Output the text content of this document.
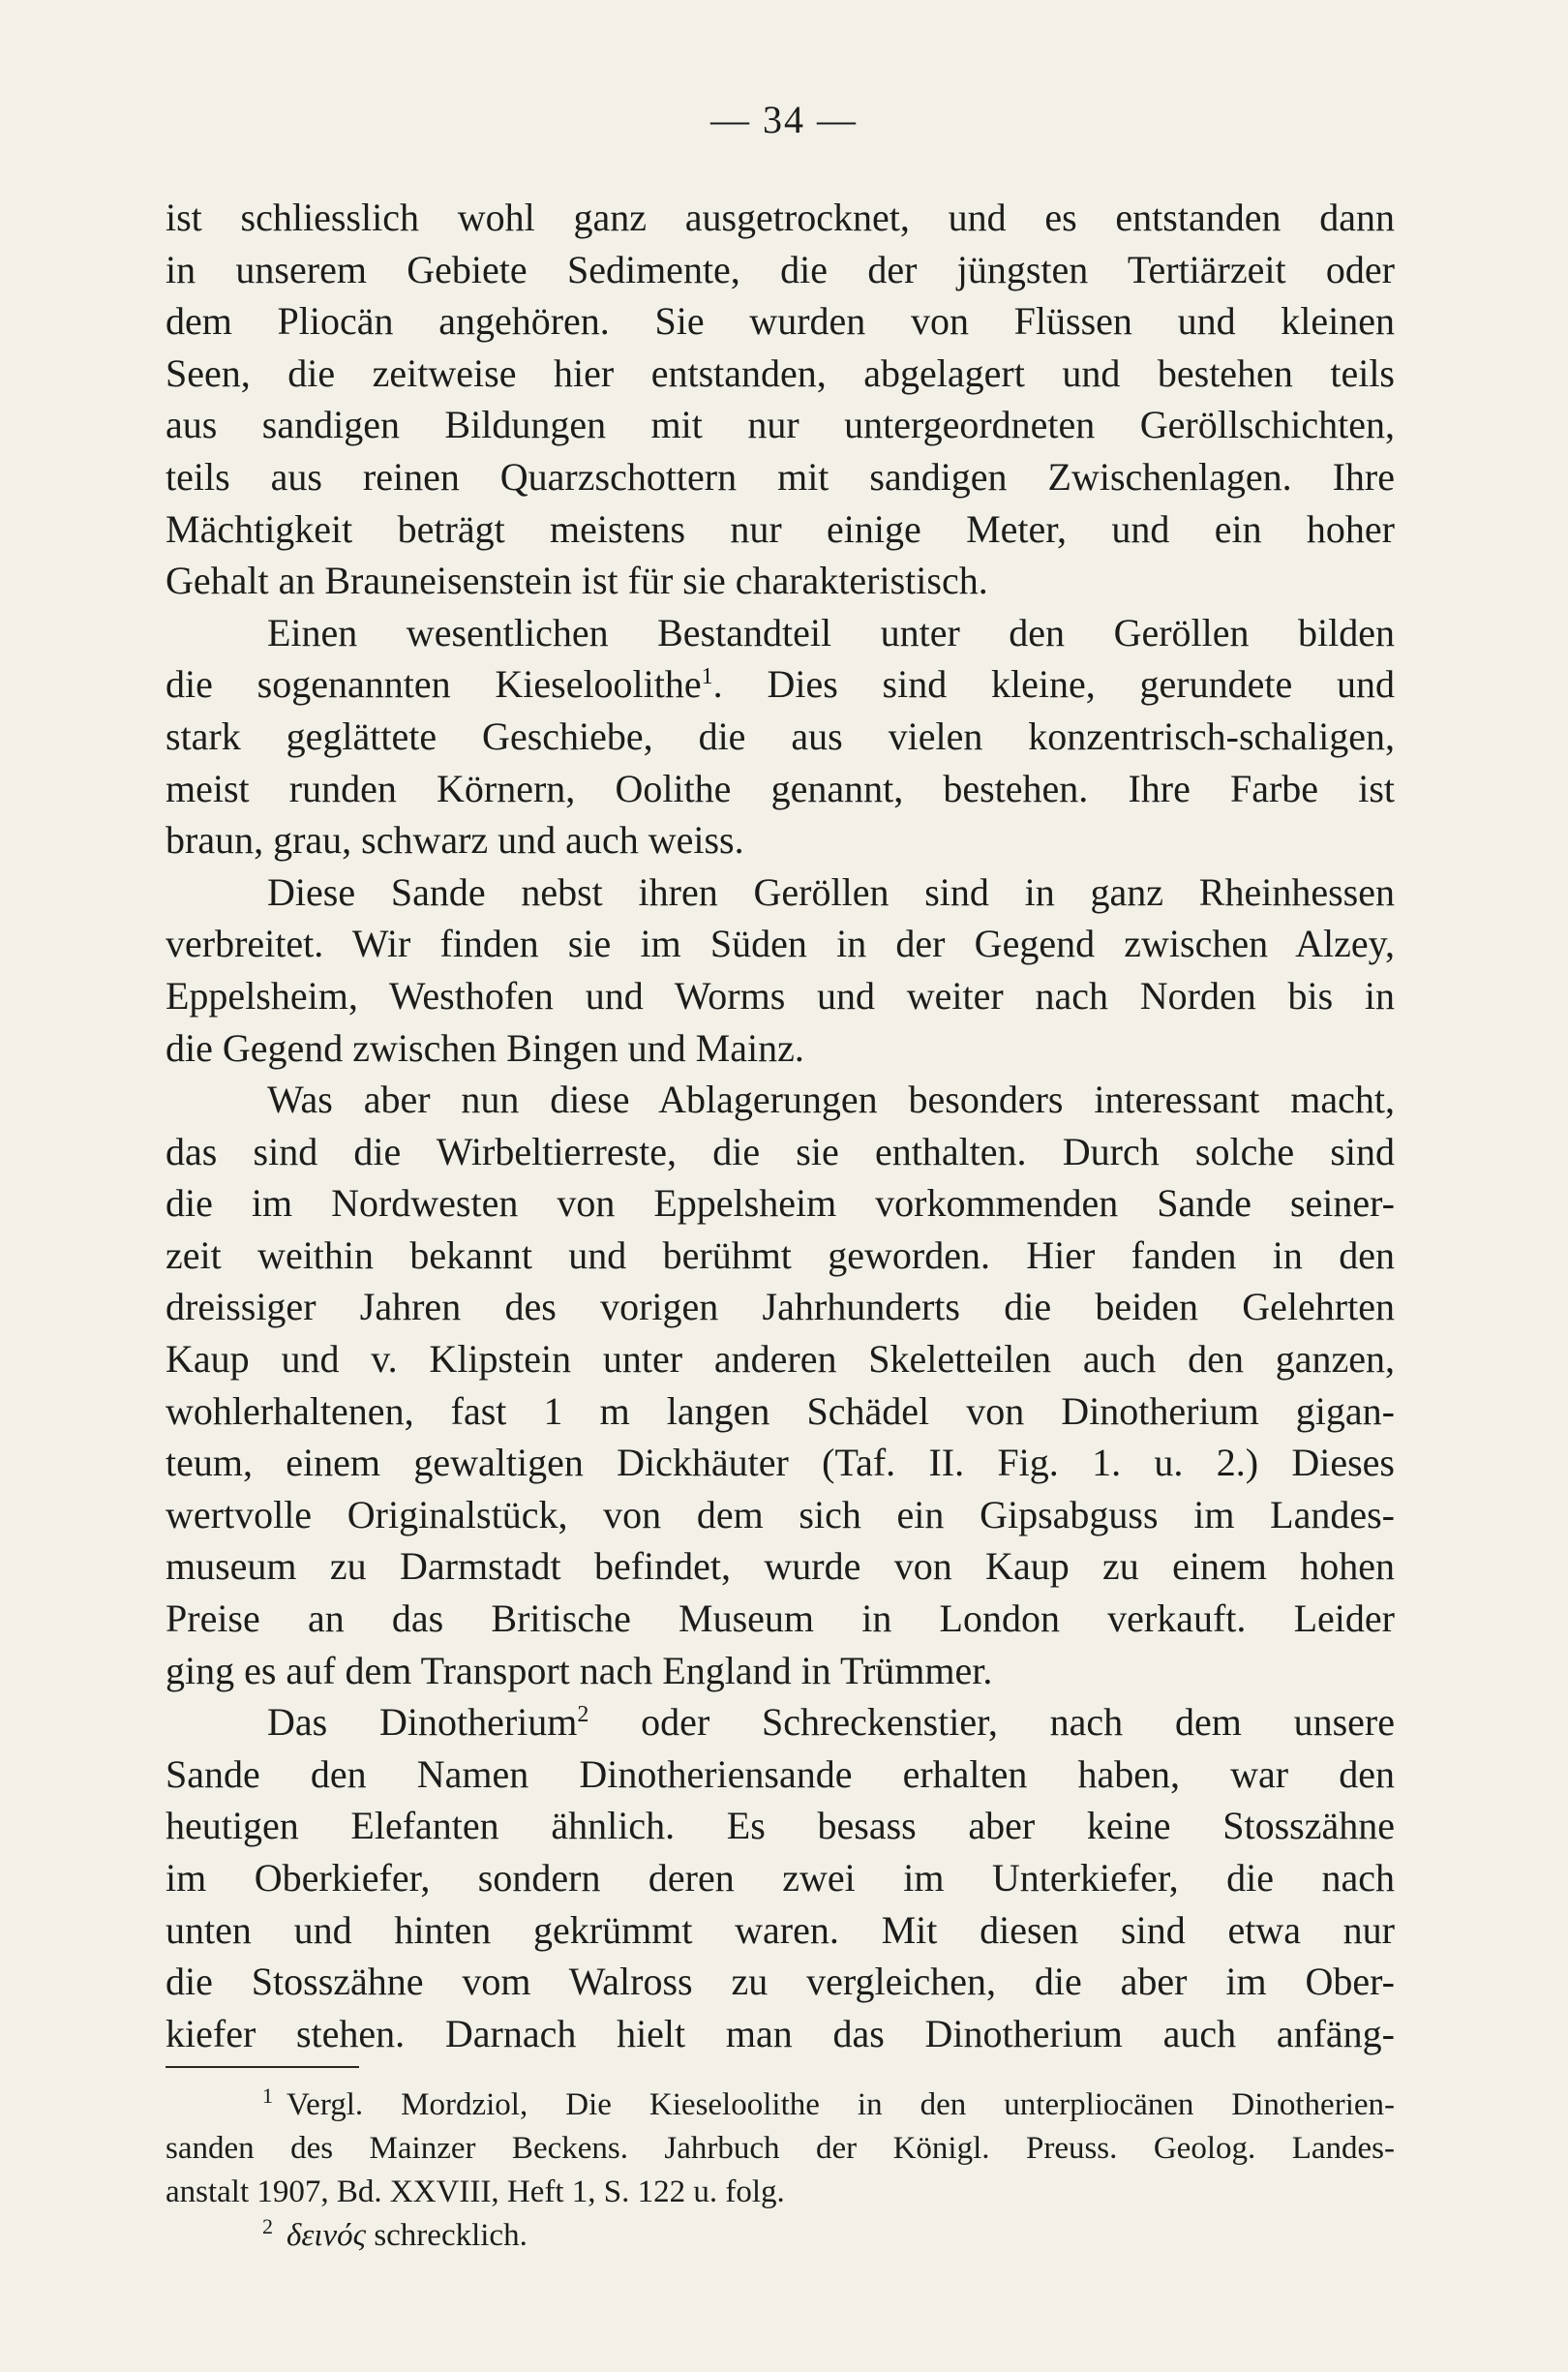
— 34 —
ist schliesslich wohl ganz ausgetrocknet, und es entstanden dann
in unserem Gebiete Sedimente, die der jüngsten Tertiärzeit oder
dem Pliocän angehören. Sie wurden von Flüssen und kleinen
Seen, die zeitweise hier entstanden, abgelagert und bestehen teils
aus sandigen Bildungen mit nur untergeordneten Geröllschichten,
teils aus reinen Quarzschottern mit sandigen Zwischenlagen. Ihre
Mächtigkeit beträgt meistens nur einige Meter, und ein hoher
Gehalt an Brauneisenstein ist für sie charakteristisch.
Einen wesentlichen Bestandteil unter den Geröllen bilden
die sogenannten Kieseloolithe$^1$. Dies sind kleine, gerundete und
stark geglättete Geschiebe, die aus vielen konzentrisch-schaligen,
meist runden Körnern, Oolithe genannt, bestehen. Ihre Farbe ist
braun, grau, schwarz und auch weiss.
Diese Sande nebst ihren Geröllen sind in ganz Rheinhessen
verbreitet. Wir finden sie im Süden in der Gegend zwischen Alzey,
Eppelsheim, Westhofen und Worms und weiter nach Norden bis in
die Gegend zwischen Bingen und Mainz.
Was aber nun diese Ablagerungen besonders interessant macht,
das sind die Wirbeltierreste, die sie enthalten. Durch solche sind
die im Nordwesten von Eppelsheim vorkommenden Sande seiner-
zeit weithin bekannt und berühmt geworden. Hier fanden in den
dreissiger Jahren des vorigen Jahrhunderts die beiden Gelehrten
Kaup und v. Klipstein unter anderen Skeletteilen auch den ganzen,
wohlerhaltenen, fast 1 m langen Schädel von Dinotherium gigan-
teum, einem gewaltigen Dickhäuter (Taf. II. Fig. 1. u. 2.) Dieses
wertvolle Originalstück, von dem sich ein Gipsabguss im Landes-
museum zu Darmstadt befindet, wurde von Kaup zu einem hohen
Preise an das Britische Museum in London verkauft. Leider
ging es auf dem Transport nach England in Trümmer.
Das Dinotherium$^2$ oder Schreckenstier, nach dem unsere
Sande den Namen Dinotheriensande erhalten haben, war den
heutigen Elefanten ähnlich. Es besass aber keine Stosszähne
im Oberkiefer, sondern deren zwei im Unterkiefer, die nach
unten und hinten gekrümmt waren. Mit diesen sind etwa nur
die Stosszähne vom Walross zu vergleichen, die aber im Ober-
kiefer stehen. Darnach hielt man das Dinotherium auch anfäng-
$^1$ Vergl. Mordziol, Die Kieseloolithe in den unterpliocänen Dinotherien-
sanden des Mainzer Beckens. Jahrbuch der Königl. Preuss. Geolog. Landes-
anstalt 1907, Bd. XXVIII, Heft 1, S. 122 u. folg.
$^2$ δεινός schrecklich.
